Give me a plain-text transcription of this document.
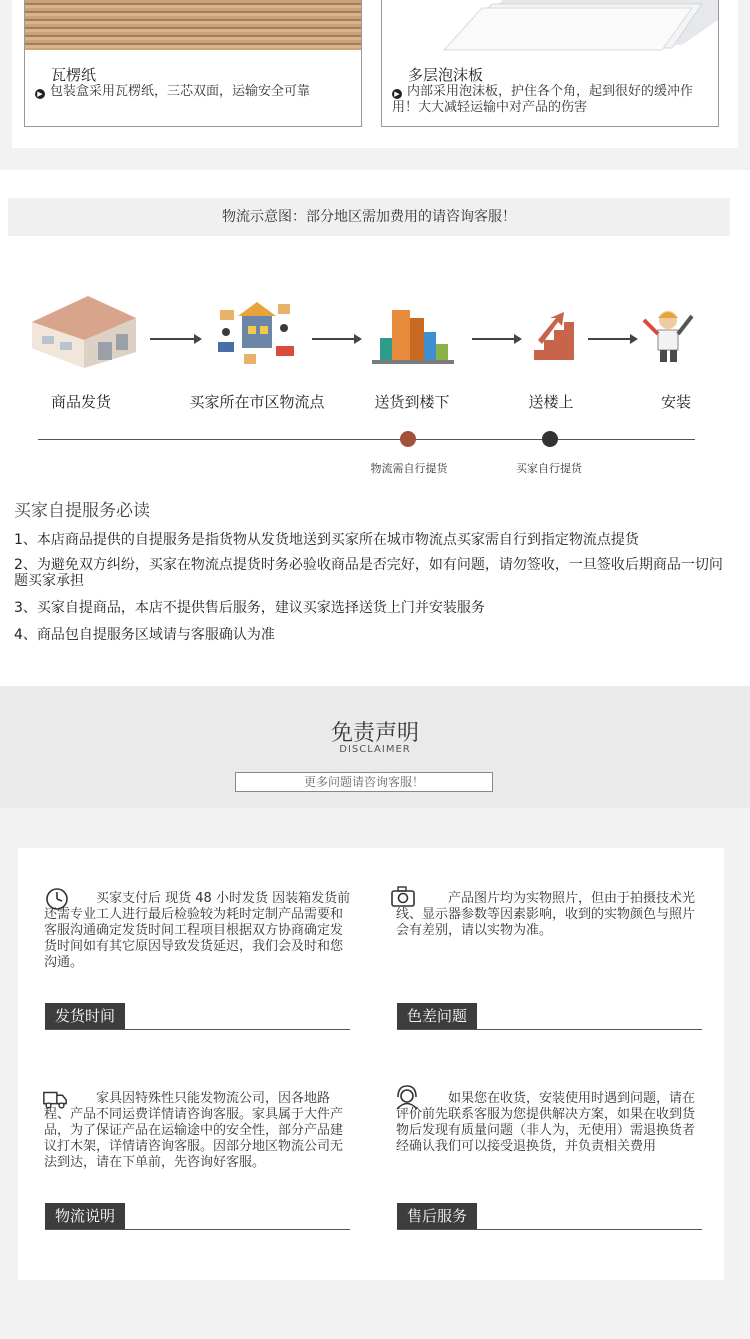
瓦楞纸

▶ 包装盒采用瓦楞纸，三芯双面，运输安全可靠

多层泡沫板

▶ 内部采用泡沫板，护住各个角，起到很好的缓冲作用！大大减轻运输中对产品的伤害

物流示意图：部分地区需加费用的请咨询客服！
商品发货	买家所在市区物流点	送货到楼下	送楼上	安装
物流需自行提货	买家自行提货
买家自提服务必读
1、本店商品提供的自提服务是指货物从发货地送到买家所在城市物流点买家需自行到指定物流点提货
2、为避免双方纠纷，买家在物流点提货时务必验收商品是否完好，如有问题，请勿签收，一旦签收后期商品一切问题买家承担
3、买家自提商品，本店不提供售后服务，建议买家选择送货上门并安装服务
4、商品包自提服务区域请与客服确认为准
免责声明
DISCLAIMER
更多问题请咨询客服！
买家支付后 现货 48 小时发货 因装箱发货前还需专业工人进行最后检验较为耗时定制产品需要和客服沟通确定发货时间工程项目根据双方协商确定发货时间如有其它原因导致发货延迟，我们会及时和您沟通。
发货时间
产品图片均为实物照片，但由于拍摄技术光线、显示器参数等因素影响，收到的实物颜色与照片会有差别，请以实物为准。
色差问题
家具因特殊性只能发物流公司，因各地路程、产品不同运费详情请咨询客服。家具属于大件产品，为了保证产品在运输途中的安全性，部分产品建议打木架，详情请咨询客服。因部分地区物流公司无法到达，请在下单前，先咨询好客服。
物流说明
如果您在收货，安装使用时遇到问题，请在评价前先联系客服为您提供解决方案，如果在收到货物后发现有质量问题（非人为，无使用）需退换货者经确认我们可以接受退换货，并负责相关费用
售后服务
